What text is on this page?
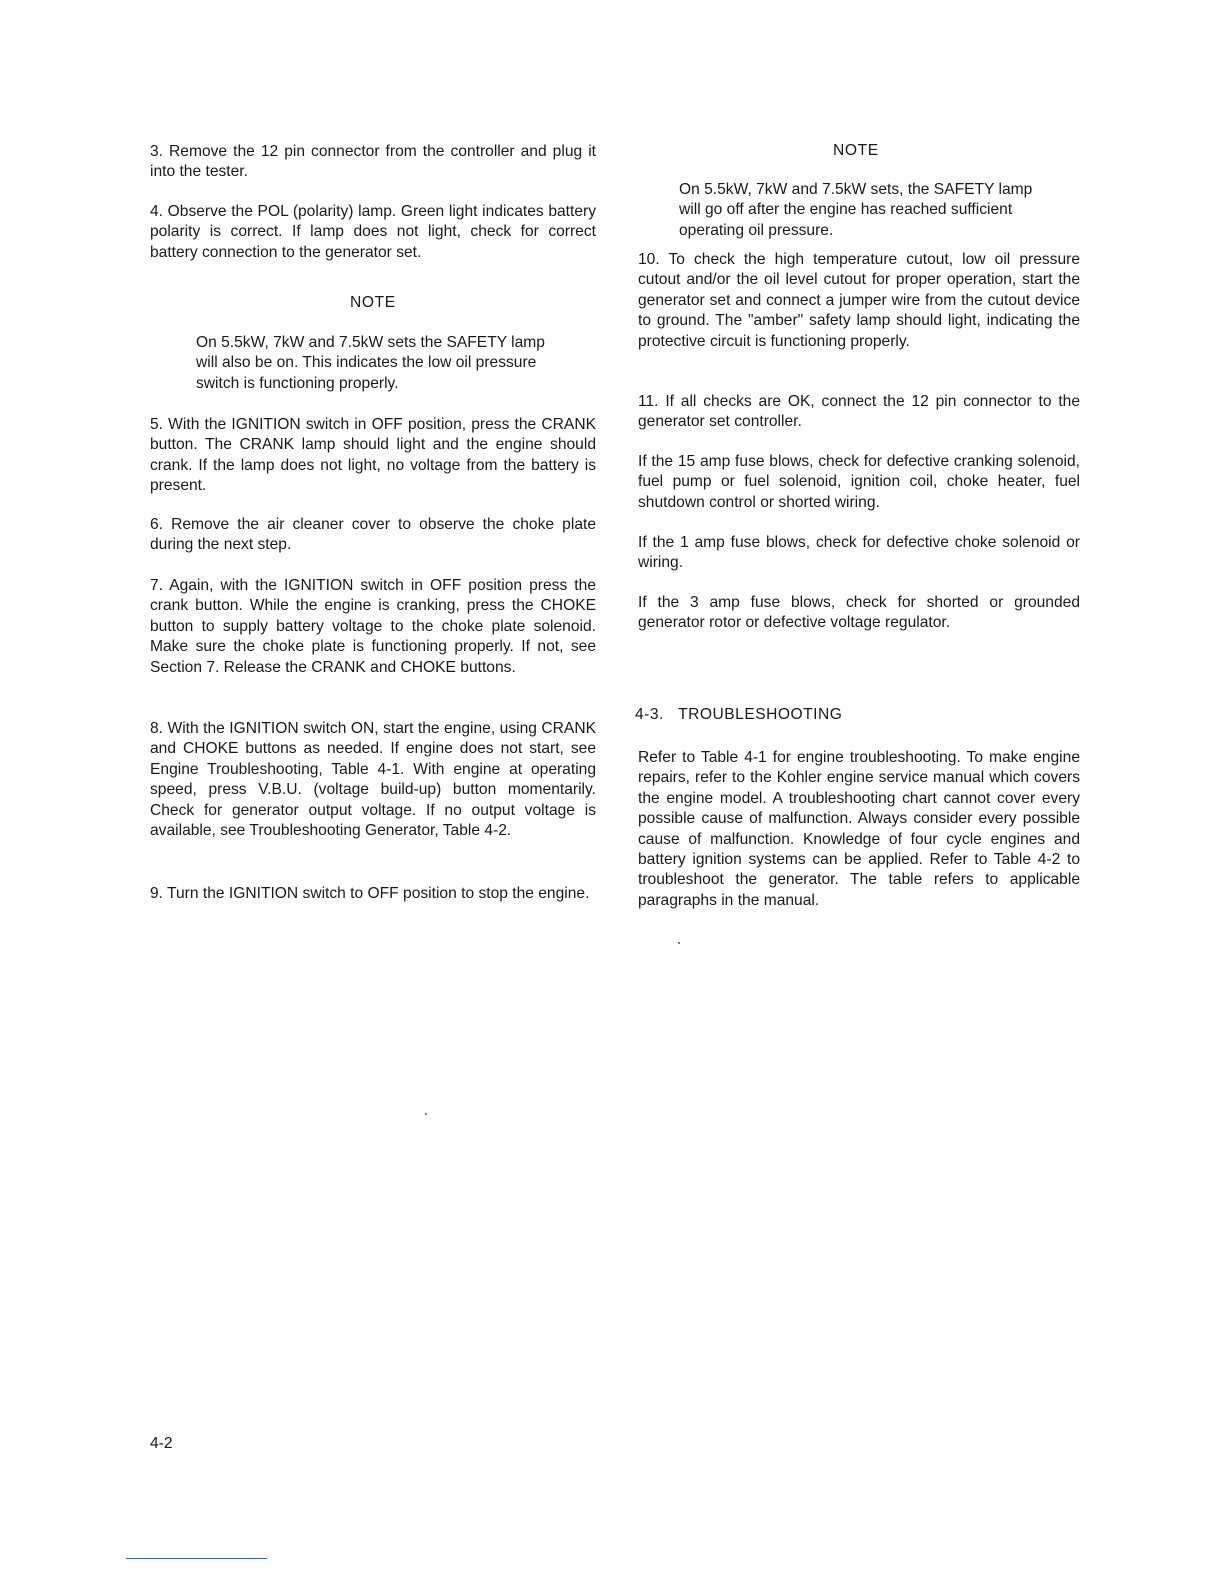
3. Remove the 12 pin connector from the controller and plug it into the tester.

4. Observe the POL (polarity) lamp. Green light indicates battery polarity is correct. If lamp does not light, check for correct battery connection to the generator set.

NOTE

On 5.5kW, 7kW and 7.5kW sets the SAFETY lamp will also be on. This indicates the low oil pressure switch is functioning properly.

5. With the IGNITION switch in OFF position, press the CRANK button. The CRANK lamp should light and the engine should crank. If the lamp does not light, no voltage from the battery is present.

6. Remove the air cleaner cover to observe the choke plate during the next step.

7. Again, with the IGNITION switch in OFF position press the crank button. While the engine is cranking, press the CHOKE button to supply battery voltage to the choke plate solenoid. Make sure the choke plate is functioning properly. If not, see Section 7. Release the CRANK and CHOKE buttons.

8. With the IGNITION switch ON, start the engine, using CRANK and CHOKE buttons as needed. If engine does not start, see Engine Troubleshooting, Table 4-1. With engine at operating speed, press V.B.U. (voltage build-up) button momentarily. Check for generator output voltage. If no output voltage is available, see Troubleshooting Generator, Table 4-2.

9. Turn the IGNITION switch to OFF position to stop the engine.

NOTE

On 5.5kW, 7kW and 7.5kW sets, the SAFETY lamp will go off after the engine has reached sufficient operating oil pressure.

10. To check the high temperature cutout, low oil pressure cutout and/or the oil level cutout for proper operation, start the generator set and connect a jumper wire from the cutout device to ground. The "amber" safety lamp should light, indicating the protective circuit is functioning properly.

11. If all checks are OK, connect the 12 pin connector to the generator set controller.

If the 15 amp fuse blows, check for defective cranking solenoid, fuel pump or fuel solenoid, ignition coil, choke heater, fuel shutdown control or shorted wiring.

If the 1 amp fuse blows, check for defective choke solenoid or wiring.

If the 3 amp fuse blows, check for shorted or grounded generator rotor or defective voltage regulator.

4-3.   TROUBLESHOOTING

Refer to Table 4-1 for engine troubleshooting. To make engine repairs, refer to the Kohler engine service manual which covers the engine model. A troubleshooting chart cannot cover every possible cause of malfunction. Always consider every possible cause of malfunction. Knowledge of four cycle engines and battery ignition systems can be applied. Refer to Table 4-2 to troubleshoot the generator. The table refers to applicable paragraphs in the manual.

4-2
